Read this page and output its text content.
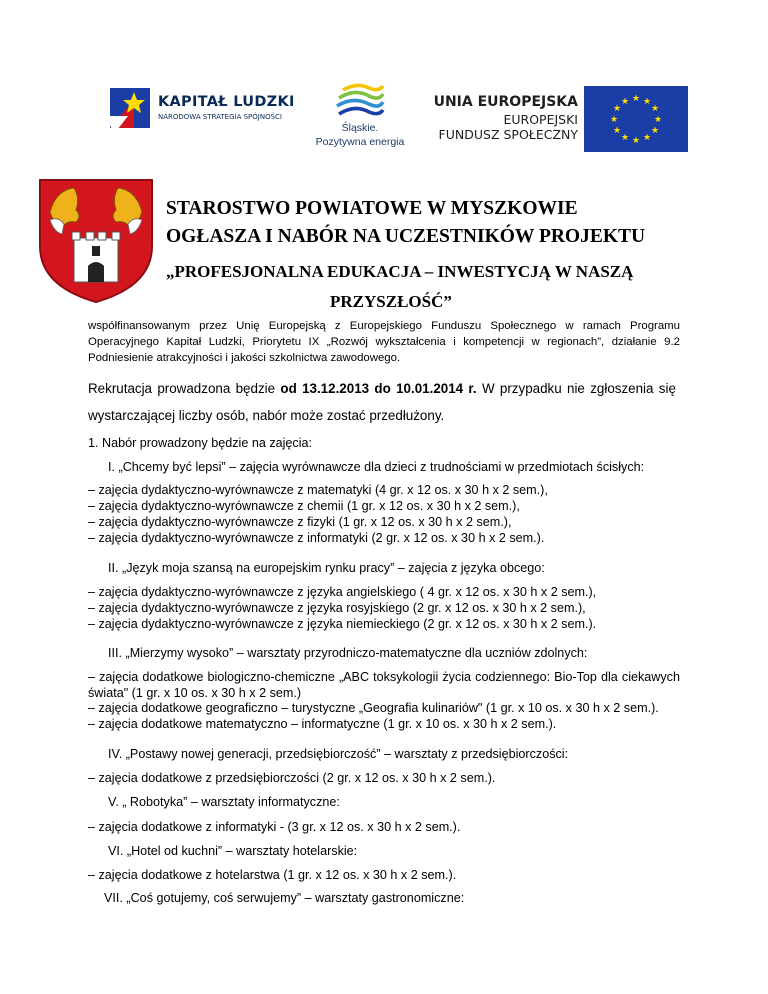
KAPITAŁ LUDZKI
NARODOWA STRATEGIA SPÓJNOŚCI
Śląskie.
Pozytywna energia
UNIA EUROPEJSKA
EUROPEJSKI
FUNDUSZ SPOŁECZNY
★ ★
★
★
★
★
★
★
★
★
★
★
STAROSTWO POWIATOWE W MYSZKOWIE
OGŁASZA I NABÓR NA UCZESTNIKÓW PROJEKTU
„PROFESJONALNA EDUKACJA – INWESTYCJĄ W NASZĄ
PRZYSZŁOŚĆ”
współfinansowanym przez Unię Europejską z Europejskiego Funduszu Społecznego w ramach Programu Operacyjnego Kapitał Ludzki, Priorytetu IX „Rozwój wykształcenia i kompetencji w regionach”, działanie 9.2 Podniesienie atrakcyjności i jakości szkolnictwa zawodowego.
Rekrutacja prowadzona będzie od 13.12.2013 do 10.01.2014 r. W przypadku nie zgłoszenia się
wystarczającej liczby osób, nabór może zostać przedłużony.
1. Nabór prowadzony będzie na zajęcia:
I. „Chcemy być lepsi” – zajęcia wyrównawcze dla dzieci z trudnościami w przedmiotach ścisłych:
– zajęcia dydaktyczno-wyrównawcze z matematyki (4 gr. x 12 os. x 30 h x 2 sem.),
– zajęcia dydaktyczno-wyrównawcze z chemii (1 gr. x 12 os. x 30 h x 2 sem.),
– zajęcia dydaktyczno-wyrównawcze z fizyki (1 gr. x 12 os. x 30 h x 2 sem.),
– zajęcia dydaktyczno-wyrównawcze z informatyki (2 gr. x 12 os. x 30 h x 2 sem.).
II. „Język moja szansą na europejskim rynku pracy” – zajęcia z języka obcego:
– zajęcia dydaktyczno-wyrównawcze z języka angielskiego ( 4 gr. x 12 os. x 30 h x 2 sem.),
– zajęcia dydaktyczno-wyrównawcze z języka rosyjskiego (2 gr. x 12 os. x 30 h x 2 sem.),
– zajęcia dydaktyczno-wyrównawcze z języka niemieckiego (2 gr. x 12 os. x 30 h x 2 sem.).
III. „Mierzymy wysoko” – warsztaty przyrodniczo-matematyczne dla uczniów zdolnych:
– zajęcia dodatkowe biologiczno-chemiczne „ABC toksykologii życia codziennego: Bio-Top dla ciekawych świata" (1 gr. x 10 os. x 30 h x 2 sem.)
– zajęcia dodatkowe geograficzno – turystyczne „Geografia kulinariów" (1 gr. x 10 os. x 30 h x 2 sem.).
– zajęcia dodatkowe matematyczno – informatyczne (1 gr. x 10 os. x 30 h x 2 sem.).
IV. „Postawy nowej generacji, przedsiębiorczość” – warsztaty z przedsiębiorczości:
– zajęcia dodatkowe z przedsiębiorczości (2 gr. x 12 os. x 30 h x 2 sem.).
V. „ Robotyka” – warsztaty informatyczne:
– zajęcia dodatkowe z informatyki - (3 gr. x 12 os. x 30 h x 2 sem.).
VI. „Hotel od kuchni” – warsztaty hotelarskie:
– zajęcia dodatkowe z hotelarstwa (1 gr. x 12 os. x 30 h x 2 sem.).
VII. „Coś gotujemy, coś serwujemy” – warsztaty gastronomiczne:
